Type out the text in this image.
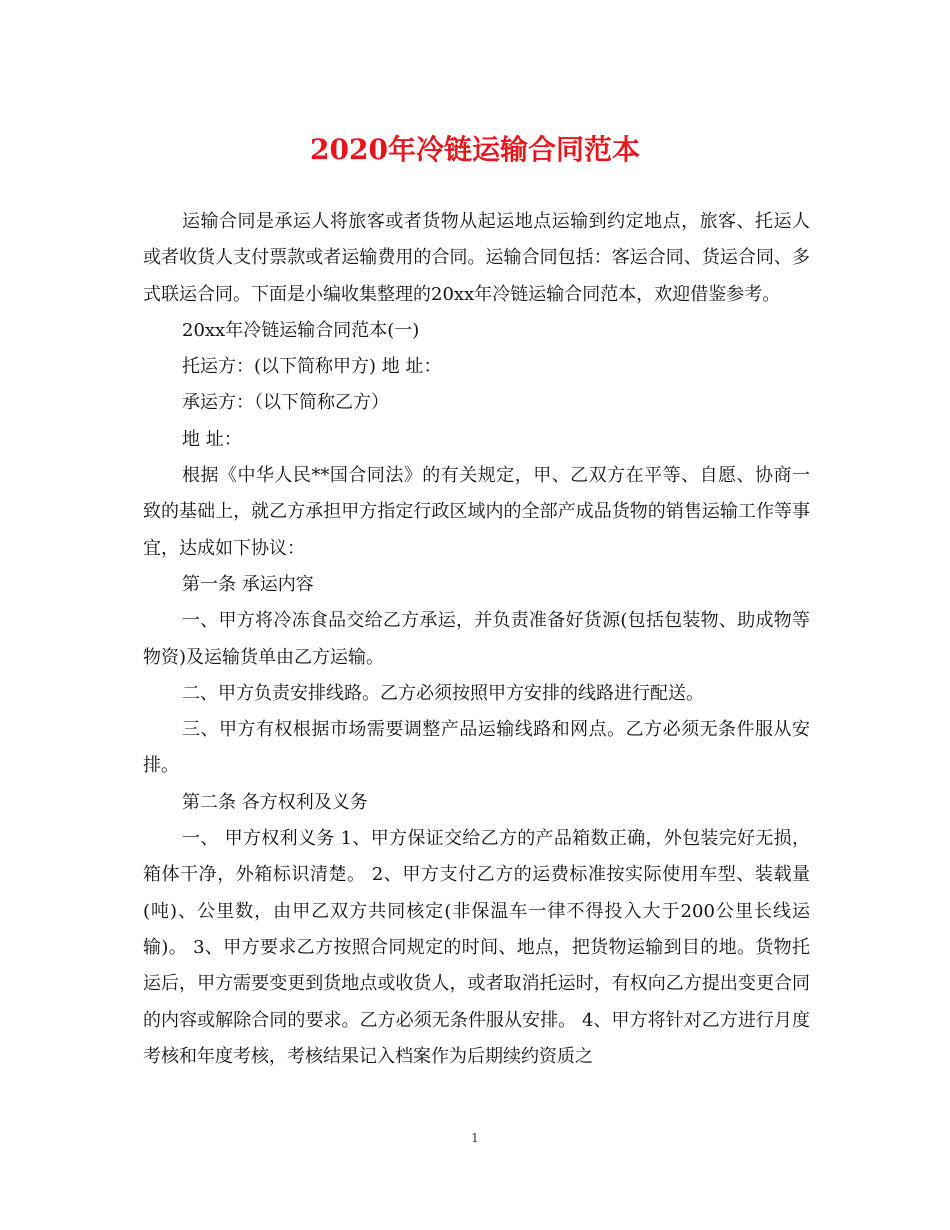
2020年冷链运输合同范本

运输合同是承运人将旅客或者货物从起运地点运输到约定地点，旅客、托运人或者收货人支付票款或者运输费用的合同。运输合同包括：客运合同、货运合同、多式联运合同。下面是小编收集整理的20xx年冷链运输合同范本，欢迎借鉴参考。

20xx年冷链运输合同范本(一)

托运方：(以下简称甲方) 地 址：

承运方：（以下简称乙方）

地 址：

根据《中华人民**国合同法》的有关规定，甲、乙双方在平等、自愿、协商一致的基础上，就乙方承担甲方指定行政区域内的全部产成品货物的销售运输工作等事宜，达成如下协议：

第一条 承运内容

一、甲方将冷冻食品交给乙方承运，并负责准备好货源(包括包装物、助成物等物资)及运输货单由乙方运输。

二、甲方负责安排线路。乙方必须按照甲方安排的线路进行配送。

三、甲方有权根据市场需要调整产品运输线路和网点。乙方必须无条件服从安排。

第二条 各方权利及义务

一、 甲方权利义务 1、甲方保证交给乙方的产品箱数正确，外包装完好无损，箱体干净，外箱标识清楚。 2、甲方支付乙方的运费标准按实际使用车型、装载量(吨)、公里数，由甲乙双方共同核定(非保温车一律不得投入大于200公里长线运输)。 3、甲方要求乙方按照合同规定的时间、地点，把货物运输到目的地。货物托运后，甲方需要变更到货地点或收货人，或者取消托运时，有权向乙方提出变更合同的内容或解除合同的要求。乙方必须无条件服从安排。 4、甲方将针对乙方进行月度考核和年度考核，考核结果记入档案作为后期续约资质之

1
